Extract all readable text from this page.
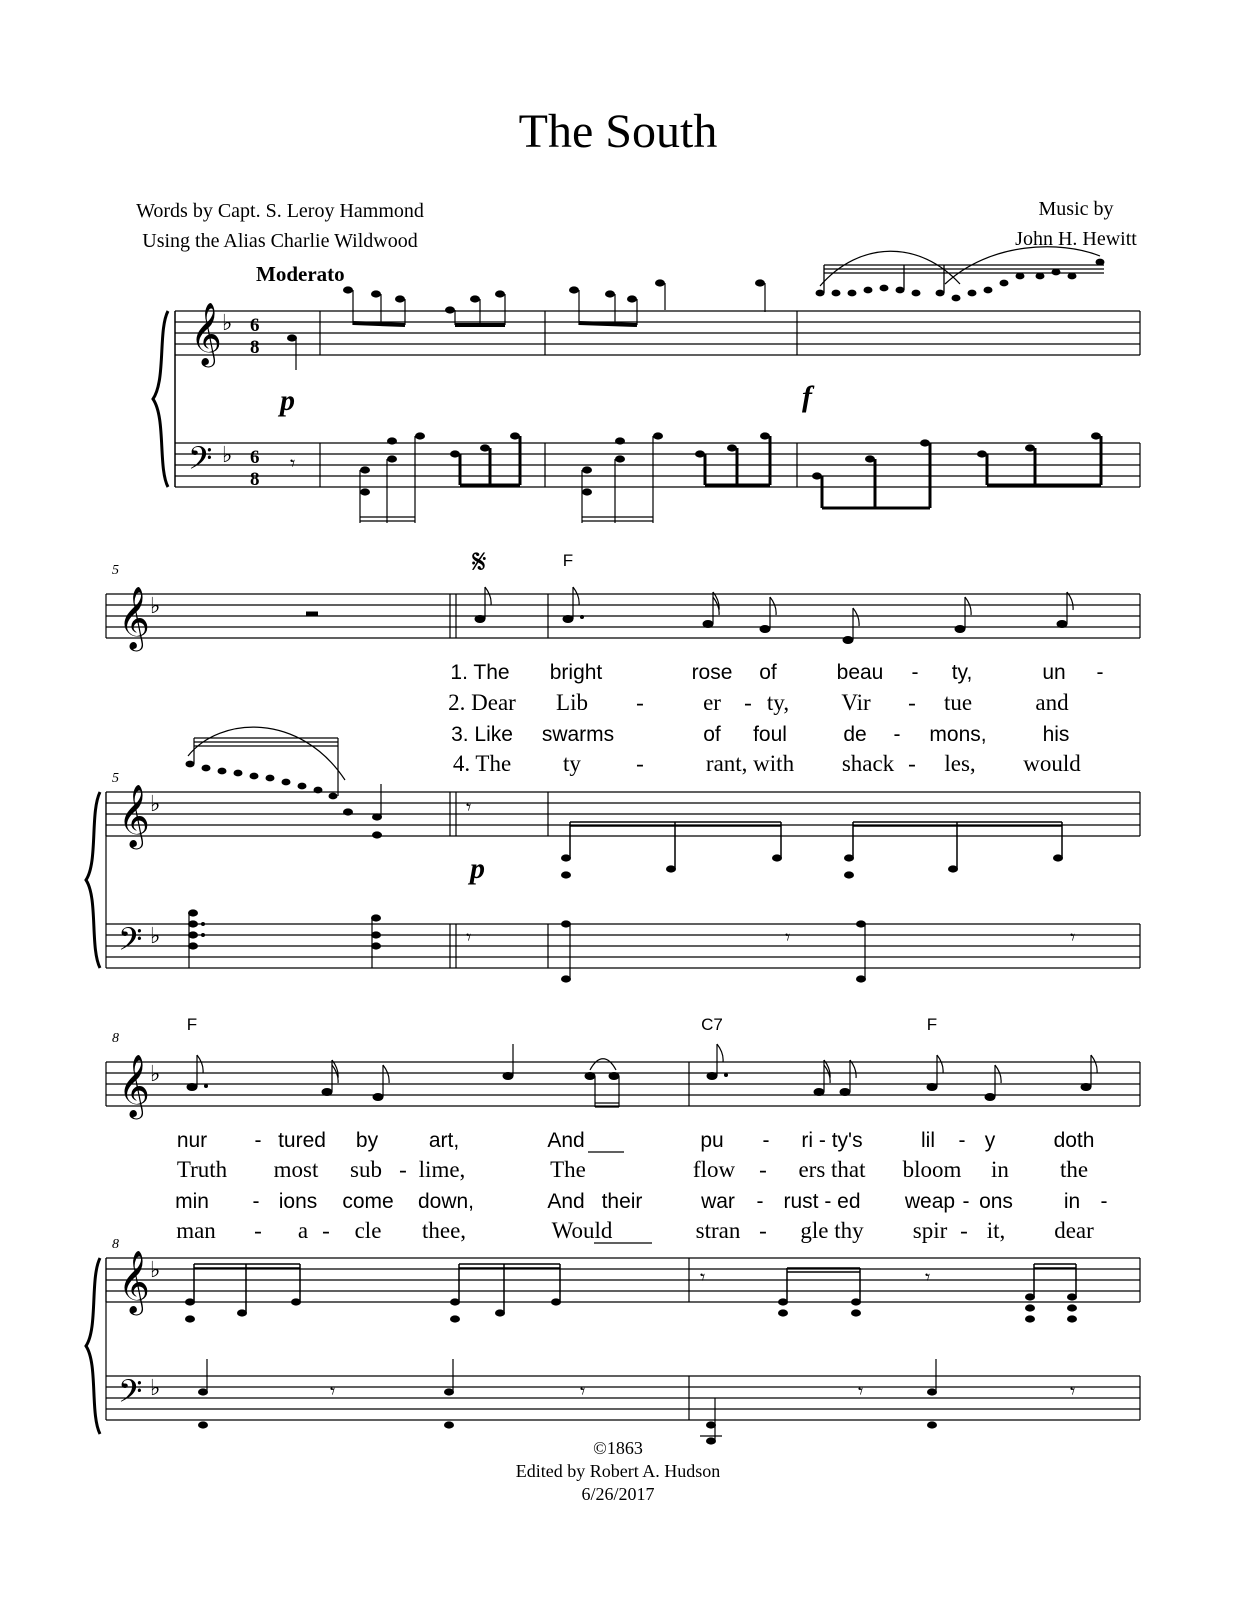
The South
Words by Capt. S. Leroy Hammond
Using the Alias Charlie Wildwood
Music by
John H. Hewitt
Moderato
𝄞
𝄢
♭
♭
6
8
6
8
p	f
𝄾
5
5
𝄞 ♭
𝄋	F
1. The bright	rose of	beau - ty,	un -
2. Dear Lib -	er - ty, Vir - tue	and
3. Like swarms	of foul	de - mons,	his
4. The ty -	rant, with shack - les, would
𝄞 ♭	𝄾
p
𝄢 ♭	𝄾	𝄾	𝄾
8
8
𝄞 ♭
F	C7	F
nur - tured by art,	And	pu - ri - ty's	lil - y	doth
Truth most sub - lime,	The	flow - ers that bloom in the
min - ions come down,	And their	war - rust - ed weap - ons in -
man - a - cle thee,	Would	stran - gle thy spir - it, dear
𝄞 ♭	𝄾	𝄾
𝄢 ♭	𝄾	𝄾	𝄾	𝄾
©1863
Edited by Robert A. Hudson
6/26/2017
